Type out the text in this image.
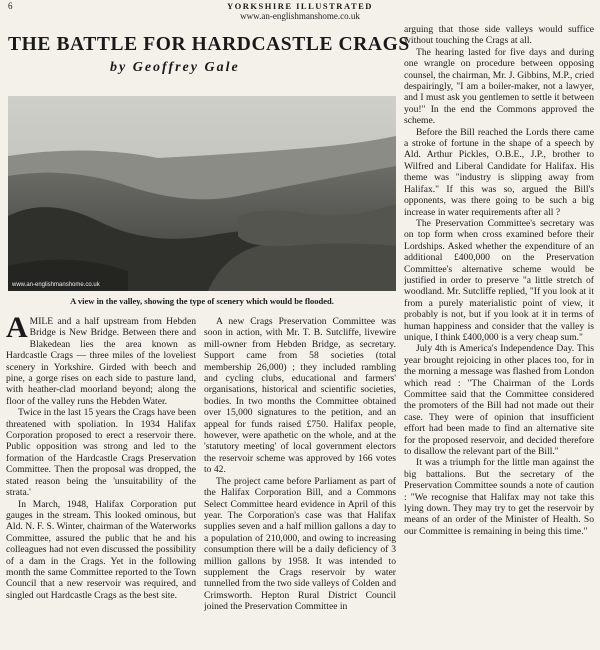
6	YORKSHIRE ILLUSTRATED
www.an-englishmanshome.co.uk
THE BATTLE FOR HARDCASTLE CRAGS
by Geoffrey Gale
www.an-englishmanshome.co.uk
A view in the valley, showing the type of scenery which would be flooded.

AMILE and a half upstream from Hebden Bridge is New Bridge. Between there and Blakedean lies the area known as Hardcastle Crags — three miles of the loveliest scenery in Yorkshire. Girded with beech and pine, a gorge rises on each side to pasture land, with heather-clad moorland beyond; along the floor of the valley runs the Hebden Water.

Twice in the last 15 years the Crags have been threatened with spoliation. In 1934 Halifax Corporation proposed to erect a reservoir there. Public opposition was strong and led to the formation of the Hardcastle Crags Preservation Committee. Then the proposal was dropped, the stated reason being the 'unsuitability of the strata.'

In March, 1948, Halifax Corporation put gauges in the stream. This looked ominous, but Ald. N. F. S. Winter, chairman of the Waterworks Committee, assured the public that he and his colleagues had not even discussed the possibility of a dam in the Crags. Yet in the following month the same Committee reported to the Town Council that a new reservoir was required, and singled out Hardcastle Crags as the best site.

A new Crags Preservation Committee was soon in action, with Mr. T. B. Sutcliffe, livewire mill-owner from Hebden Bridge, as secretary. Support came from 58 societies (total membership 26,000) ; they included rambling and cycling clubs, educational and farmers' organisations, historical and scientific societies, bodies. In two months the Committee obtained over 15,000 signatures to the petition, and an appeal for funds raised £750. Halifax people, however, were apathetic on the whole, and at the 'statutory meeting' of local government electors the reservoir scheme was approved by 166 votes to 42.

The project came before Parliament as part of the Halifax Corporation Bill, and a Commons Select Committee heard evidence in April of this year. The Corporation's case was that Halifax supplies seven and a half million gallons a day to a population of 210,000, and owing to increasing consumption there will be a daily deficiency of 3 million gallons by 1958. It was intended to supplement the Crags reservoir by water tunnelled from the two side valleys of Colden and Crimsworth. Hepton Rural District Council joined the Preservation Committee in

arguing that those side valleys would suffice without touching the Crags at all.

The hearing lasted for five days and during one wrangle on procedure between opposing counsel, the chairman, Mr. J. Gibbins, M.P., cried despairingly, "I am a boiler-maker, not a lawyer, and I must ask you gentlemen to settle it between you!" In the end the Commons approved the scheme.

Before the Bill reached the Lords there came a stroke of fortune in the shape of a speech by Ald. Arthur Pickles, O.B.E., J.P., brother to Wilfred and Liberal Candidate for Halifax. His theme was "industry is slipping away from Halifax." If this was so, argued the Bill's opponents, was there going to be such a big increase in water requirements after all ?

The Preservation Committee's secretary was on top form when cross examined before their Lordships. Asked whether the expenditure of an additional £400,000 on the Preservation Committee's alternative scheme would be justified in order to preserve "a little stretch of woodland. Mr. Sutcliffe replied, "If you look at it from a purely materialistic point of view, it probably is not, but if you look at it in terms of human happiness and consider that the valley is unique, I think £400,000 is a very cheap sum."

July 4th is America's Independence Day. This year brought rejoicing in other places too, for in the morning a message was flashed from London which read : "The Chairman of the Lords Committee said that the Committee considered the promoters of the Bill had not made out their case. They were of opinion that insufficient effort had been made to find an alternative site for the proposed reservoir, and decided therefore to disallow the relevant part of the Bill."

It was a triumph for the little man against the big battalions. But the secretary of the Preservation Committee sounds a note of caution : "We recognise that Halifax may not take this lying down. They may try to get the reservoir by means of an order of the Minister of Health. So our Committee is remaining in being this time."
